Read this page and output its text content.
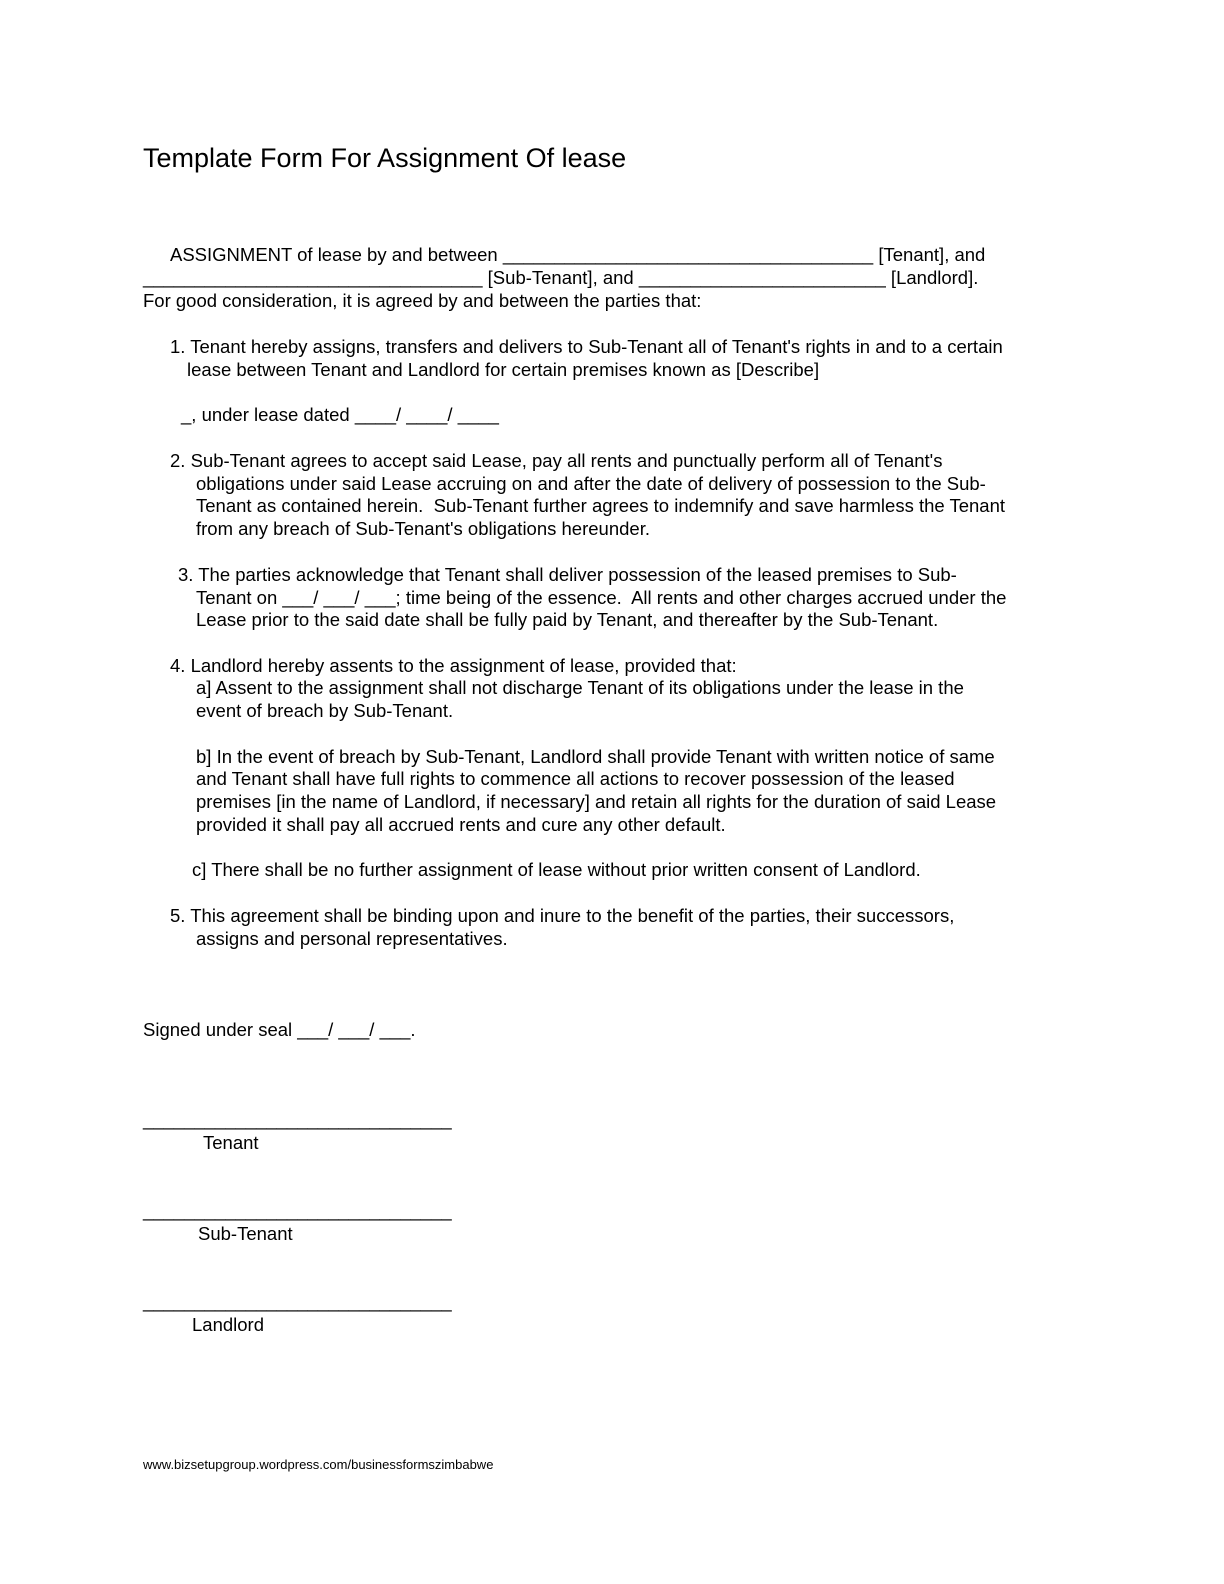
Template Form For Assignment Of lease
ASSIGNMENT of lease by and between ____________________________________ [Tenant], and
_________________________________ [Sub-Tenant], and ________________________ [Landlord].
For good consideration, it is agreed by and between the parties that:
1. Tenant hereby assigns, transfers and delivers to Sub-Tenant all of Tenant's rights in and to a certain
lease between Tenant and Landlord for certain premises known as [Describe]
_, under lease dated ____/ ____/ ____
2. Sub-Tenant agrees to accept said Lease, pay all rents and punctually perform all of Tenant's
obligations under said Lease accruing on and after the date of delivery of possession to the Sub-
Tenant as contained herein.  Sub-Tenant further agrees to indemnify and save harmless the Tenant
from any breach of Sub-Tenant's obligations hereunder.
3. The parties acknowledge that Tenant shall deliver possession of the leased premises to Sub-
Tenant on ___/ ___/ ___; time being of the essence.  All rents and other charges accrued under the
Lease prior to the said date shall be fully paid by Tenant, and thereafter by the Sub-Tenant.
4. Landlord hereby assents to the assignment of lease, provided that:
a] Assent to the assignment shall not discharge Tenant of its obligations under the lease in the
event of breach by Sub-Tenant.
b] In the event of breach by Sub-Tenant, Landlord shall provide Tenant with written notice of same
and Tenant shall have full rights to commence all actions to recover possession of the leased
premises [in the name of Landlord, if necessary] and retain all rights for the duration of said Lease
provided it shall pay all accrued rents and cure any other default.
c] There shall be no further assignment of lease without prior written consent of Landlord.
5. This agreement shall be binding upon and inure to the benefit of the parties, their successors,
assigns and personal representatives.
Signed under seal ___/ ___/ ___.
______________________________
Tenant
______________________________
Sub-Tenant
______________________________
Landlord
www.bizsetupgroup.wordpress.com/businessformszimbabwe
